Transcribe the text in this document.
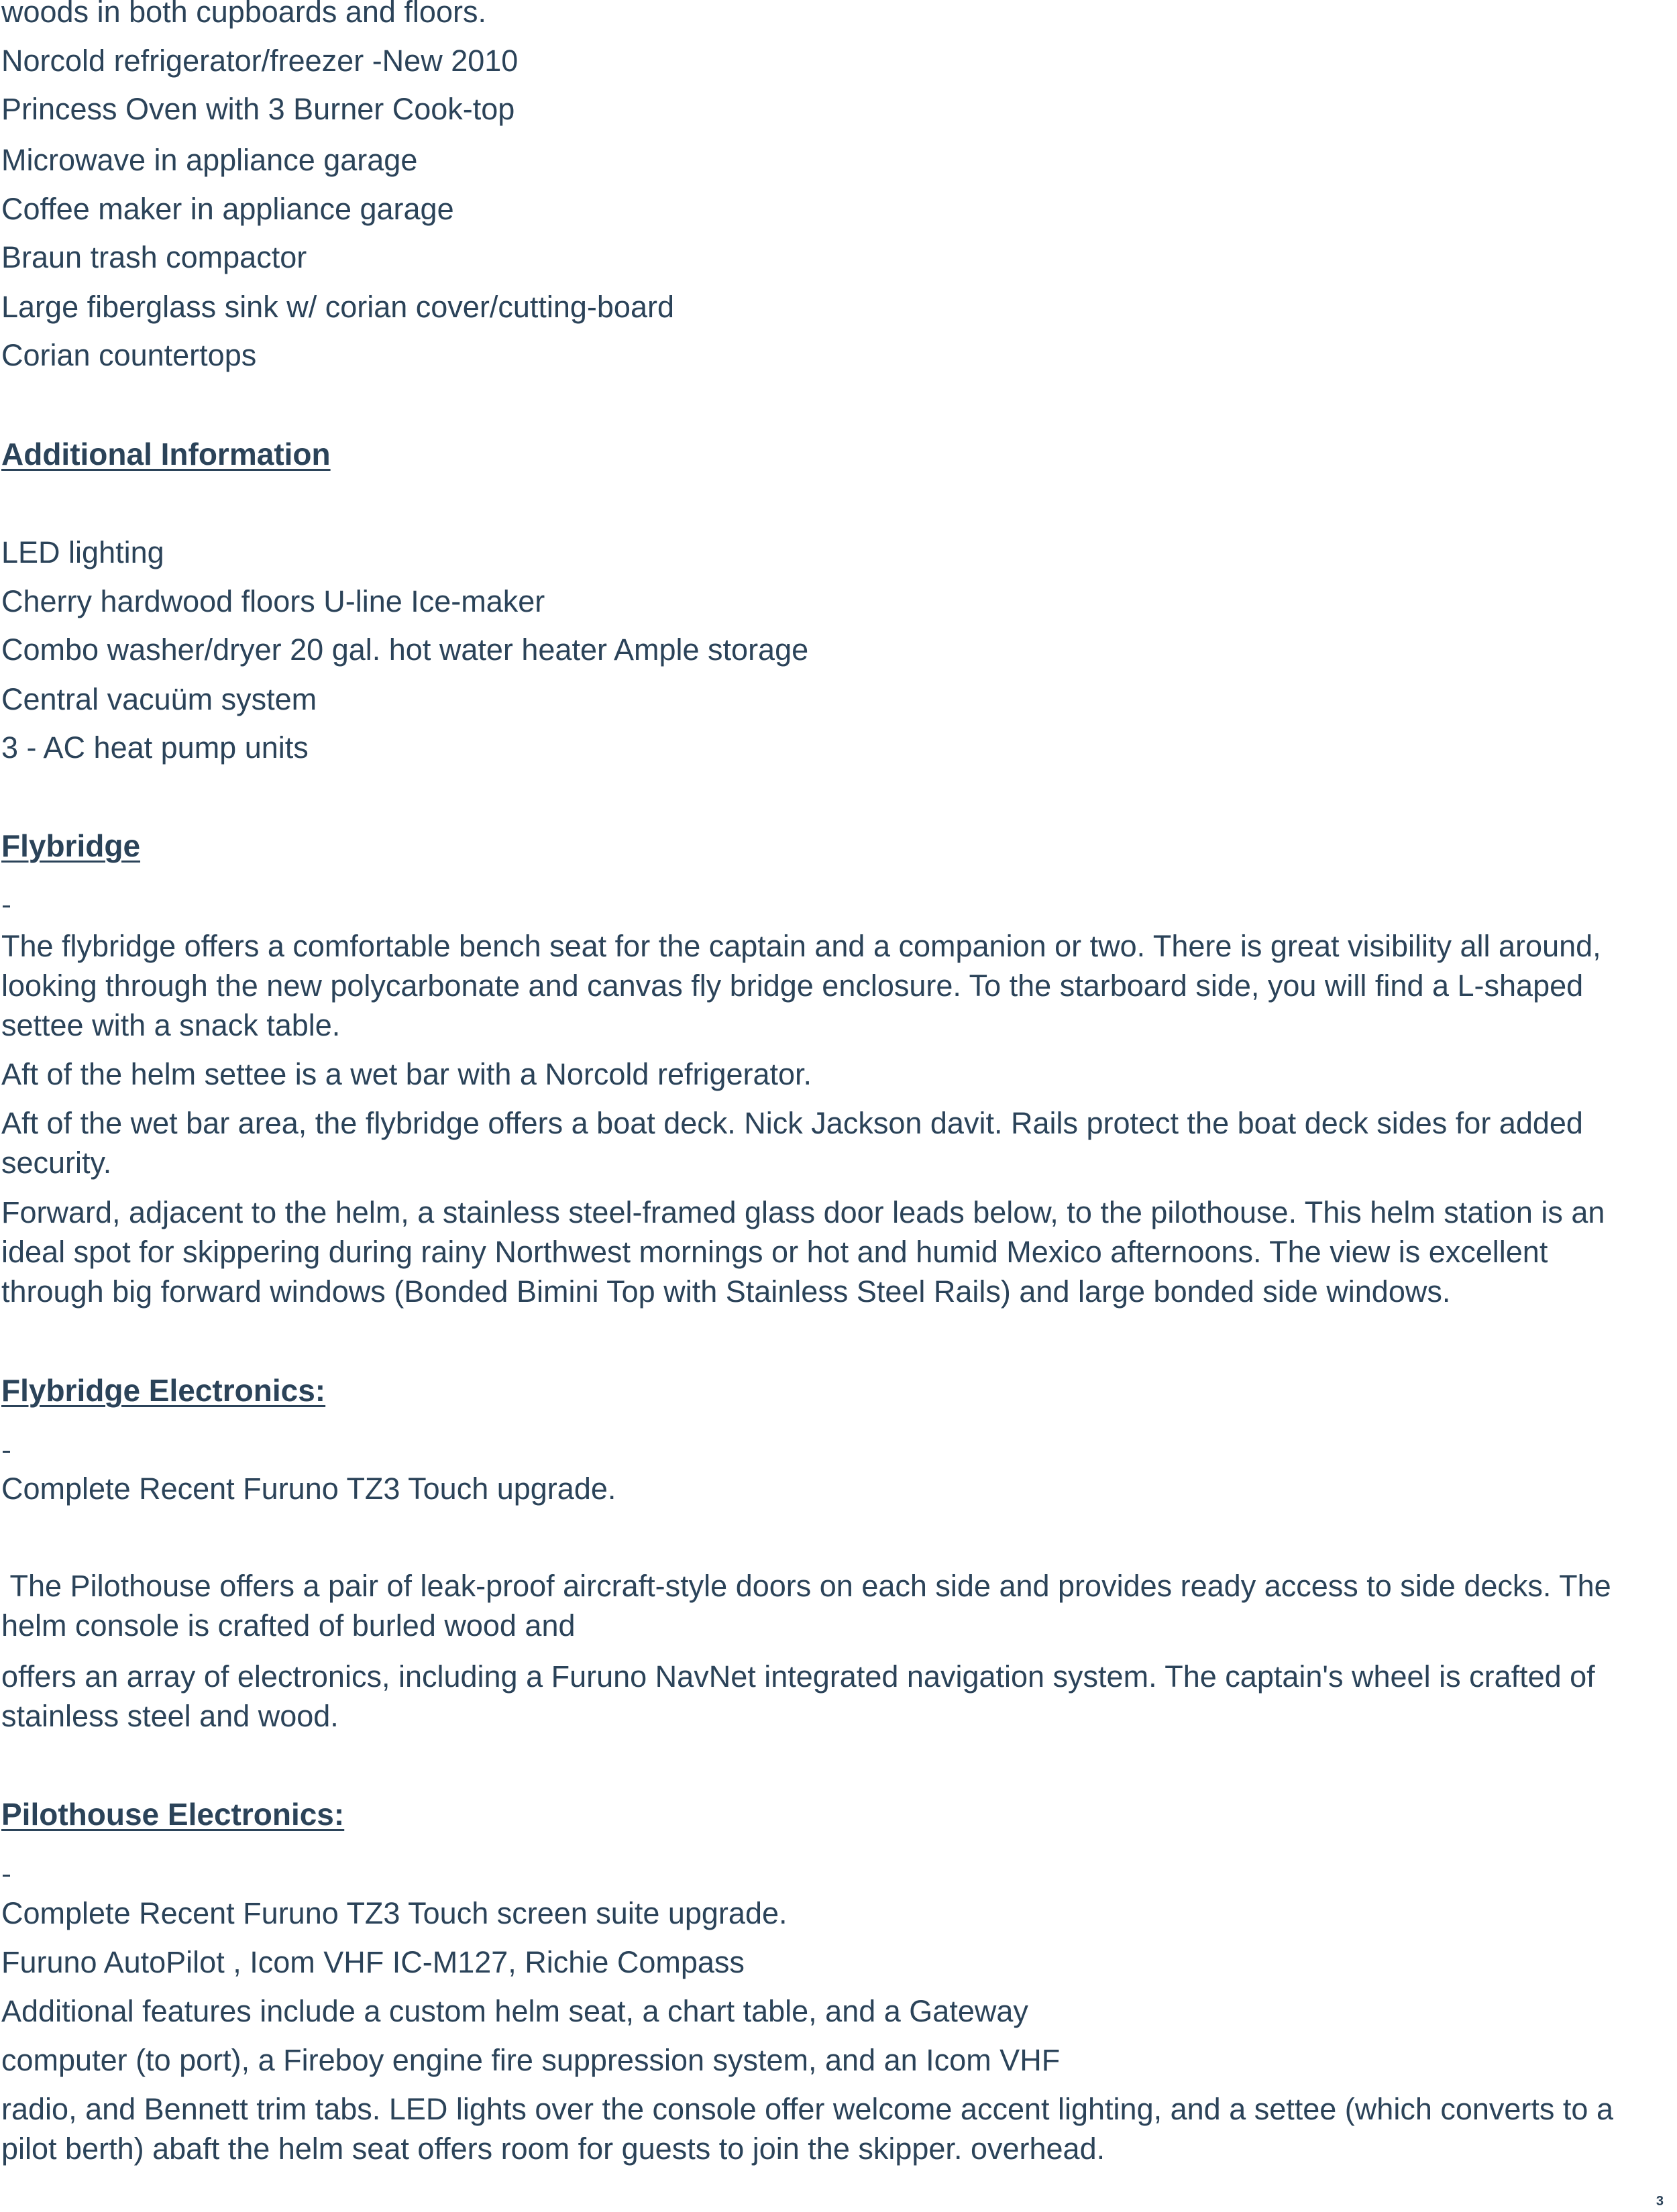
woods in both cupboards and floors.

Norcold refrigerator/freezer -New 2010

Princess Oven with 3 Burner Cook-top

Microwave in appliance garage

Coffee maker in appliance garage

Braun trash compactor

Large fiberglass sink w/ corian cover/cutting-board

Corian countertops

Additional Information

LED lighting

Cherry hardwood floors U-line Ice-maker

Combo washer/dryer 20 gal. hot water heater Ample storage

Central vacuüm system

3 - AC heat pump units

Flybridge

The flybridge offers a comfortable bench seat for the captain and a companion or two. There is great visibility all around, looking through the new polycarbonate and canvas fly bridge enclosure. To the starboard side, you will find a L-shaped settee with a snack table.

Aft of the helm settee is a wet bar with a Norcold refrigerator.

Aft of the wet bar area, the flybridge offers a boat deck. Nick Jackson davit. Rails protect the boat deck sides for added security.

Forward, adjacent to the helm, a stainless steel-framed glass door leads below, to the pilothouse. This helm station is an ideal spot for skippering during rainy Northwest mornings or hot and humid Mexico afternoons. The view is excellent through big forward windows (Bonded Bimini Top with Stainless Steel Rails) and large bonded side windows.

Flybridge Electronics:

Complete Recent Furuno TZ3 Touch upgrade.

The Pilothouse offers a pair of leak-proof aircraft-style doors on each side and provides ready access to side decks. The helm console is crafted of burled wood and

offers an array of electronics, including a Furuno NavNet integrated navigation system. The captain's wheel is crafted of stainless steel and wood.

Pilothouse Electronics:

Complete Recent Furuno TZ3 Touch screen suite upgrade.

Furuno AutoPilot , Icom VHF IC-M127, Richie Compass

Additional features include a custom helm seat, a chart table, and a Gateway

computer (to port), a Fireboy engine fire suppression system, and an Icom VHF

radio, and Bennett trim tabs. LED lights over the console offer welcome accent lighting, and a settee (which converts to a pilot berth) abaft the helm seat offers room for guests to join the skipper. overhead.

3
